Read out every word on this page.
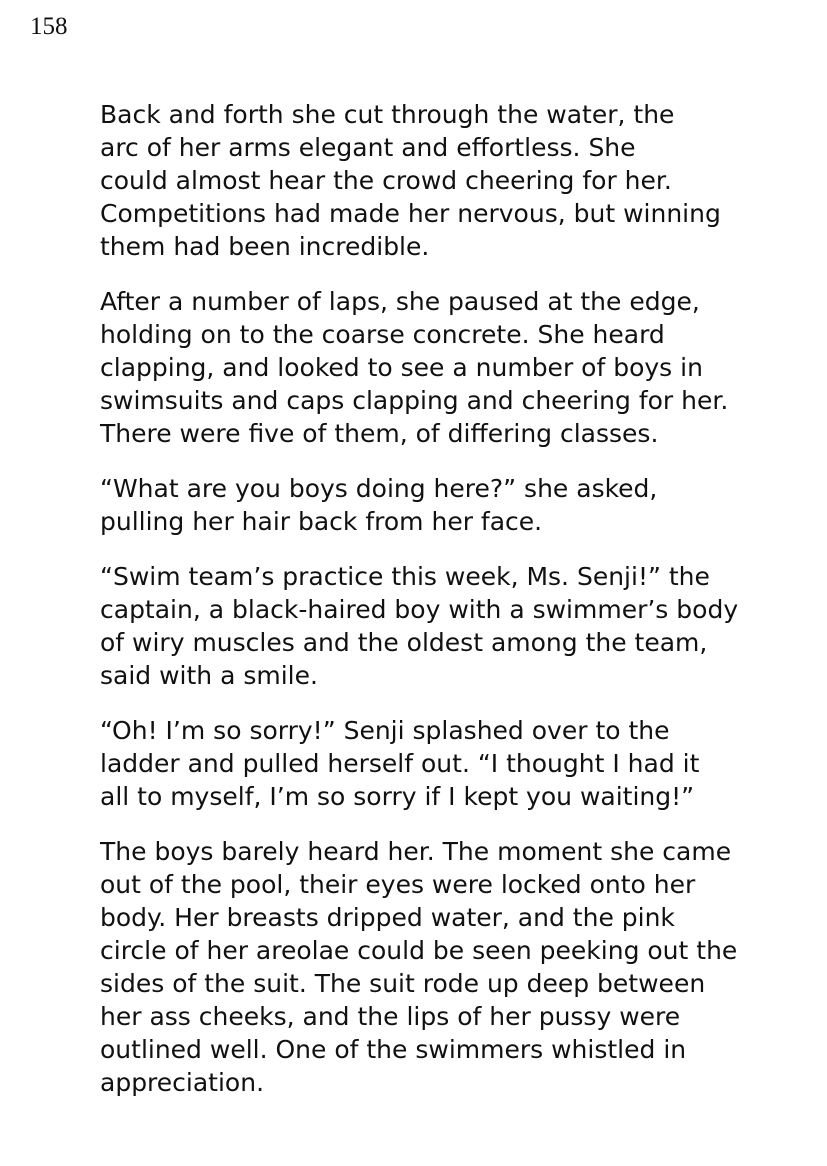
158

Back and forth she cut through the water, the
arc of her arms elegant and effortless. She
could almost hear the crowd cheering for her.
Competitions had made her nervous, but winning
them had been incredible.

After a number of laps, she paused at the edge,
holding on to the coarse concrete. She heard
clapping, and looked to see a number of boys in
swimsuits and caps clapping and cheering for her.
There were five of them, of differing classes.

“What are you boys doing here?” she asked,
pulling her hair back from her face.

“Swim team’s practice this week, Ms. Senji!” the
captain, a black-haired boy with a swimmer’s body
of wiry muscles and the oldest among the team,
said with a smile.

“Oh! I’m so sorry!” Senji splashed over to the
ladder and pulled herself out. “I thought I had it
all to myself, I’m so sorry if I kept you waiting!”

The boys barely heard her. The moment she came
out of the pool, their eyes were locked onto her
body. Her breasts dripped water, and the pink
circle of her areolae could be seen peeking out the
sides of the suit. The suit rode up deep between
her ass cheeks, and the lips of her pussy were
outlined well. One of the swimmers whistled in
appreciation.
